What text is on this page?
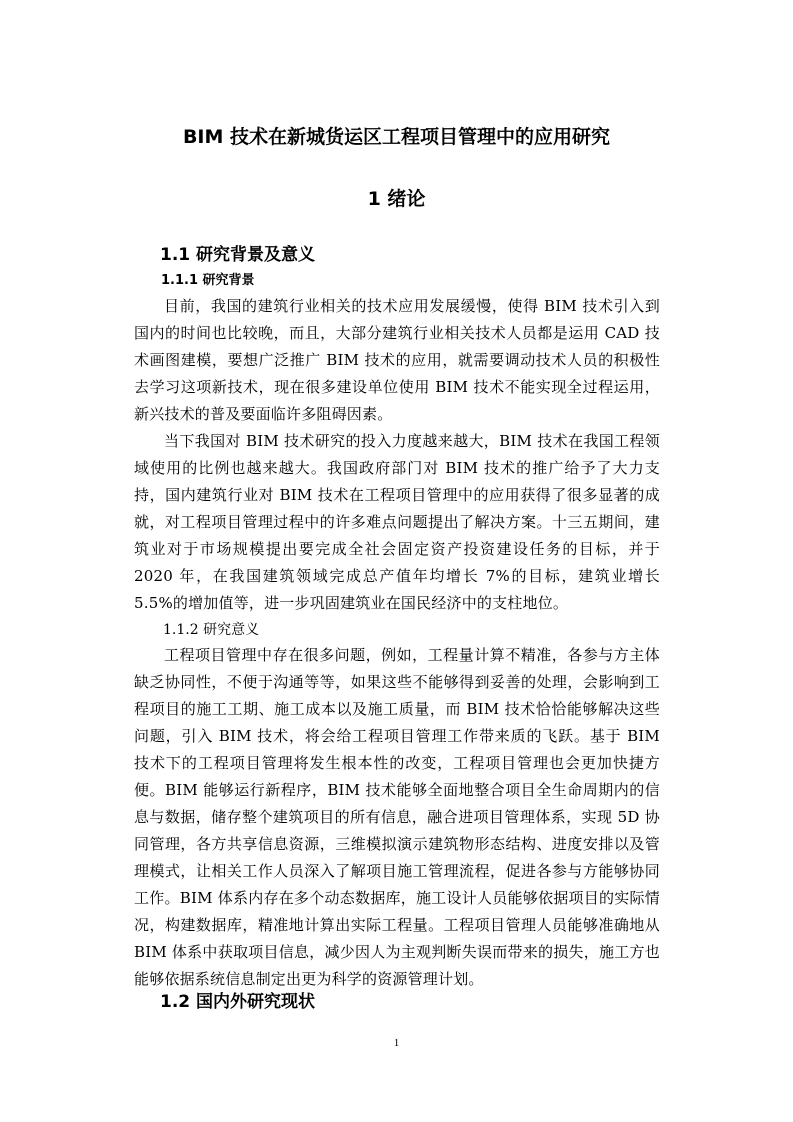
BIM 技术在新城货运区工程项目管理中的应用研究
1 绪论
1.1 研究背景及意义
1.1.1 研究背景
目前，我国的建筑行业相关的技术应用发展缓慢，使得 BIM 技术引入到国内的时间也比较晚，而且，大部分建筑行业相关技术人员都是运用 CAD 技术画图建模，要想广泛推广 BIM 技术的应用，就需要调动技术人员的积极性去学习这项新技术，现在很多建设单位使用 BIM 技术不能实现全过程运用，新兴技术的普及要面临许多阻碍因素。
当下我国对 BIM 技术研究的投入力度越来越大，BIM 技术在我国工程领域使用的比例也越来越大。我国政府部门对 BIM 技术的推广给予了大力支持，国内建筑行业对 BIM 技术在工程项目管理中的应用获得了很多显著的成就，对工程项目管理过程中的许多难点问题提出了解决方案。十三五期间，建筑业对于市场规模提出要完成全社会固定资产投资建设任务的目标，并于 2020 年，在我国建筑领域完成总产值年均增长 7%的目标，建筑业增长 5.5%的增加值等，进一步巩固建筑业在国民经济中的支柱地位。
1.1.2 研究意义
工程项目管理中存在很多问题，例如，工程量计算不精准，各参与方主体缺乏协同性，不便于沟通等等，如果这些不能够得到妥善的处理，会影响到工程项目的施工工期、施工成本以及施工质量，而 BIM 技术恰恰能够解决这些问题，引入 BIM 技术，将会给工程项目管理工作带来质的飞跃。基于 BIM 技术下的工程项目管理将发生根本性的改变，工程项目管理也会更加快捷方便。BIM 能够运行新程序，BIM 技术能够全面地整合项目全生命周期内的信息与数据，储存整个建筑项目的所有信息，融合进项目管理体系，实现 5D 协同管理，各方共享信息资源，三维模拟演示建筑物形态结构、进度安排以及管理模式，让相关工作人员深入了解项目施工管理流程，促进各参与方能够协同工作。BIM 体系内存在多个动态数据库，施工设计人员能够依据项目的实际情况，构建数据库，精准地计算出实际工程量。工程项目管理人员能够准确地从 BIM 体系中获取项目信息，减少因人为主观判断失误而带来的损失，施工方也能够依据系统信息制定出更为科学的资源管理计划。
1.2 国内外研究现状
1
